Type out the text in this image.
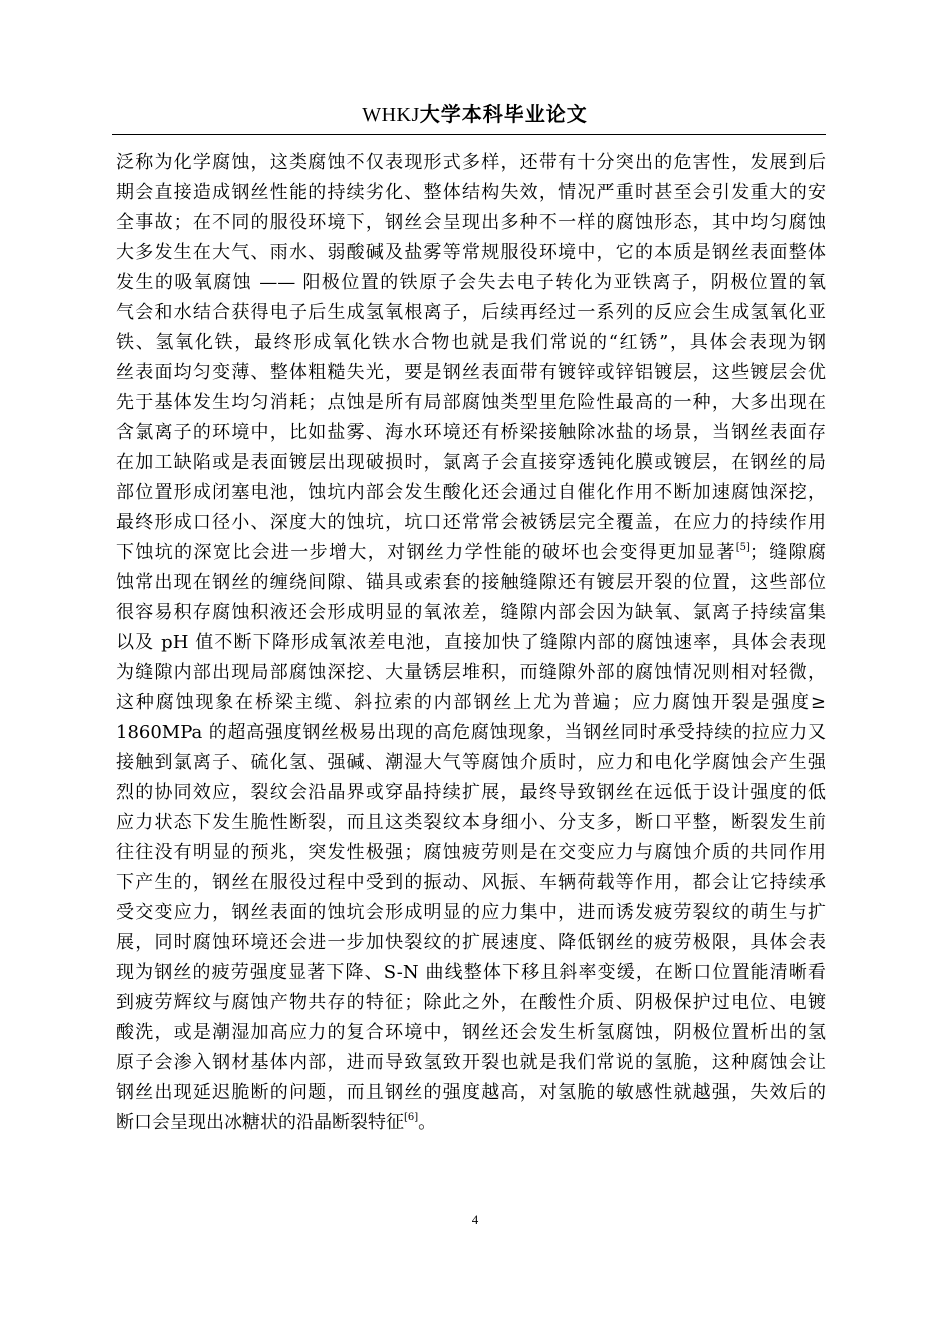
WHKJ大学本科毕业论文
泛称为化学腐蚀，这类腐蚀不仅表现形式多样，还带有十分突出的危害性，发展到后
期会直接造成钢丝性能的持续劣化、整体结构失效，情况严重时甚至会引发重大的安
全事故；在不同的服役环境下，钢丝会呈现出多种不一样的腐蚀形态，其中均匀腐蚀
大多发生在大气、雨水、弱酸碱及盐雾等常规服役环境中，它的本质是钢丝表面整体
发生的吸氧腐蚀 —— 阳极位置的铁原子会失去电子转化为亚铁离子，阴极位置的氧
气会和水结合获得电子后生成氢氧根离子，后续再经过一系列的反应会生成氢氧化亚
铁、氢氧化铁，最终形成氧化铁水合物也就是我们常说的“红锈”，具体会表现为钢
丝表面均匀变薄、整体粗糙失光，要是钢丝表面带有镀锌或锌铝镀层，这些镀层会优
先于基体发生均匀消耗；点蚀是所有局部腐蚀类型里危险性最高的一种，大多出现在
含氯离子的环境中，比如盐雾、海水环境还有桥梁接触除冰盐的场景，当钢丝表面存
在加工缺陷或是表面镀层出现破损时，氯离子会直接穿透钝化膜或镀层，在钢丝的局
部位置形成闭塞电池，蚀坑内部会发生酸化还会通过自催化作用不断加速腐蚀深挖，
最终形成口径小、深度大的蚀坑，坑口还常常会被锈层完全覆盖，在应力的持续作用
下蚀坑的深宽比会进一步增大，对钢丝力学性能的破坏也会变得更加显著[5]；缝隙腐
蚀常出现在钢丝的缠绕间隙、锚具或索套的接触缝隙还有镀层开裂的位置，这些部位
很容易积存腐蚀积液还会形成明显的氧浓差，缝隙内部会因为缺氧、氯离子持续富集
以及 pH 值不断下降形成氧浓差电池，直接加快了缝隙内部的腐蚀速率，具体会表现
为缝隙内部出现局部腐蚀深挖、大量锈层堆积，而缝隙外部的腐蚀情况则相对轻微，
这种腐蚀现象在桥梁主缆、斜拉索的内部钢丝上尤为普遍；应力腐蚀开裂是强度≥
1860MPa 的超高强度钢丝极易出现的高危腐蚀现象，当钢丝同时承受持续的拉应力又
接触到氯离子、硫化氢、强碱、潮湿大气等腐蚀介质时，应力和电化学腐蚀会产生强
烈的协同效应，裂纹会沿晶界或穿晶持续扩展，最终导致钢丝在远低于设计强度的低
应力状态下发生脆性断裂，而且这类裂纹本身细小、分支多，断口平整，断裂发生前
往往没有明显的预兆，突发性极强；腐蚀疲劳则是在交变应力与腐蚀介质的共同作用
下产生的，钢丝在服役过程中受到的振动、风振、车辆荷载等作用，都会让它持续承
受交变应力，钢丝表面的蚀坑会形成明显的应力集中，进而诱发疲劳裂纹的萌生与扩
展，同时腐蚀环境还会进一步加快裂纹的扩展速度、降低钢丝的疲劳极限，具体会表
现为钢丝的疲劳强度显著下降、S-N 曲线整体下移且斜率变缓，在断口位置能清晰看
到疲劳辉纹与腐蚀产物共存的特征；除此之外，在酸性介质、阴极保护过电位、电镀
酸洗，或是潮湿加高应力的复合环境中，钢丝还会发生析氢腐蚀，阴极位置析出的氢
原子会渗入钢材基体内部，进而导致氢致开裂也就是我们常说的氢脆，这种腐蚀会让
钢丝出现延迟脆断的问题，而且钢丝的强度越高，对氢脆的敏感性就越强，失效后的
断口会呈现出冰糖状的沿晶断裂特征[6]。
4
